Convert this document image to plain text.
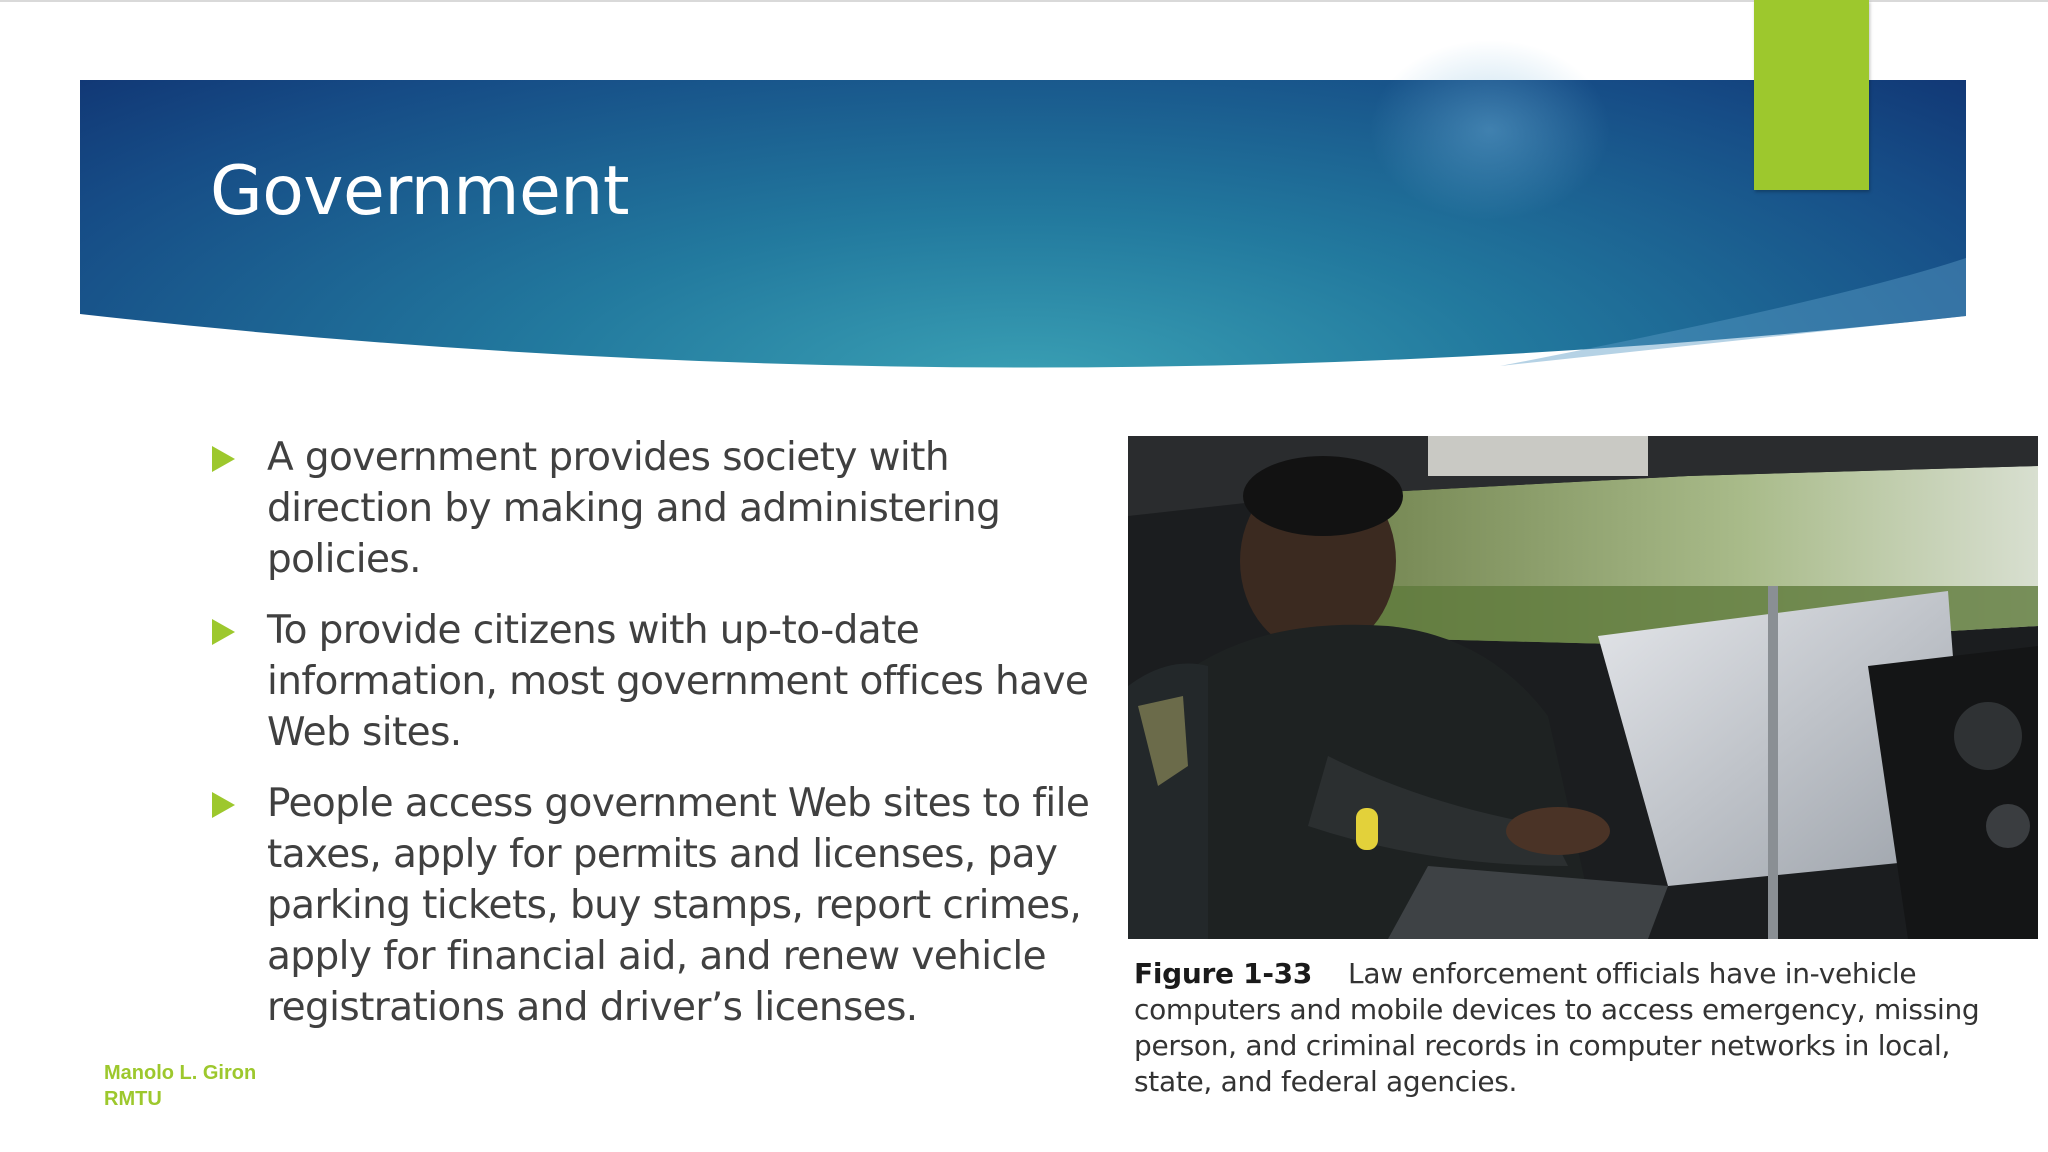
Government
A government provides society with direction by making and administering policies.
To provide citizens with up-to-date information, most government offices have Web sites.
People access government Web sites to file taxes, apply for permits and licenses, pay parking tickets, buy stamps, report crimes, apply for financial aid, and renew vehicle registrations and driver’s licenses.
Figure 1-33 Law enforcement officials have in-vehicle computers and mobile devices to access emergency, missing person, and criminal records in computer networks in local, state, and federal agencies.
Manolo L. Giron
RMTU
